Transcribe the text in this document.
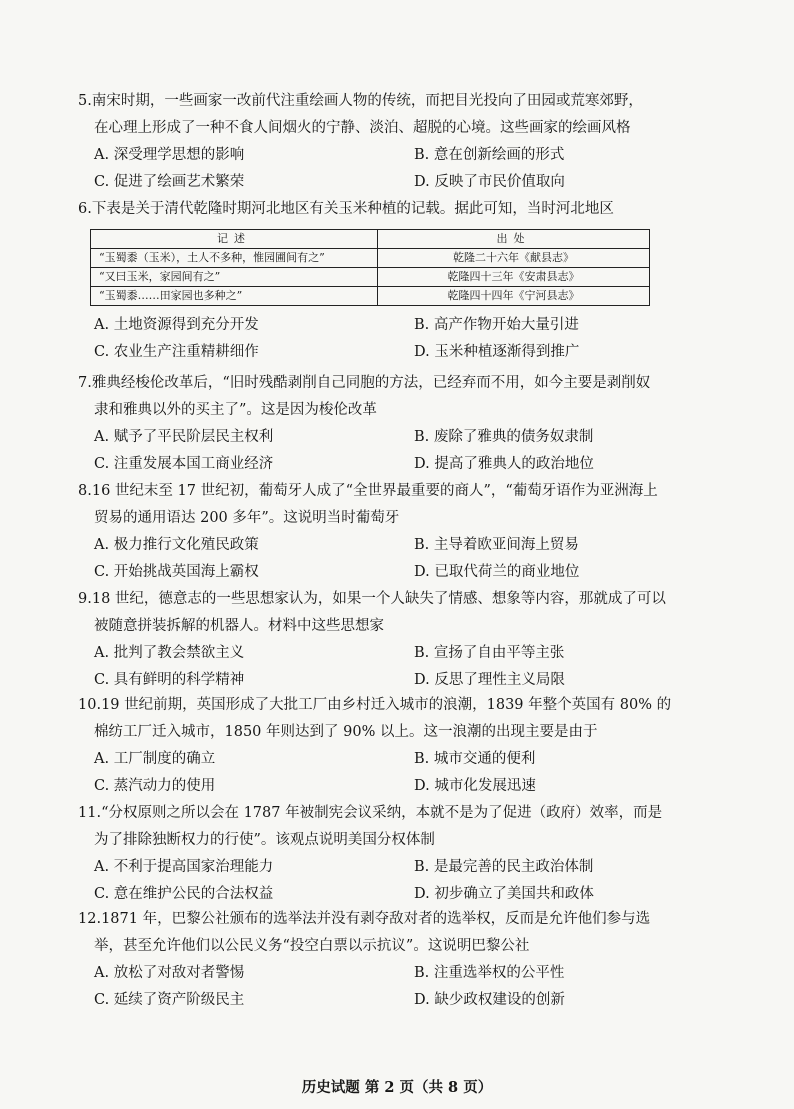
5.南宋时期，一些画家一改前代注重绘画人物的传统，而把目光投向了田园或荒寒郊野，
在心理上形成了一种不食人间烟火的宁静、淡泊、超脱的心境。这些画家的绘画风格
A. 深受理学思想的影响	B. 意在创新绘画的形式
C. 促进了绘画艺术繁荣	D. 反映了市民价值取向
6.下表是关于清代乾隆时期河北地区有关玉米种植的记载。据此可知，当时河北地区
记述	出处
“玉蜀黍（玉米），土人不多种，惟园圃间有之”	乾隆二十六年《献县志》
“又曰玉米，家园间有之”	乾隆四十三年《安肃县志》
“玉蜀黍……田家园也多种之”	乾隆四十四年《宁河县志》
A. 土地资源得到充分开发	B. 高产作物开始大量引进
C. 农业生产注重精耕细作	D. 玉米种植逐渐得到推广
7.雅典经梭伦改革后，“旧时残酷剥削自己同胞的方法，已经弃而不用，如今主要是剥削奴
隶和雅典以外的买主了”。这是因为梭伦改革
A. 赋予了平民阶层民主权利	B. 废除了雅典的债务奴隶制
C. 注重发展本国工商业经济	D. 提高了雅典人的政治地位
8.16 世纪末至 17 世纪初，葡萄牙人成了“全世界最重要的商人”，“葡萄牙语作为亚洲海上
贸易的通用语达 200 多年”。这说明当时葡萄牙
A. 极力推行文化殖民政策	B. 主导着欧亚间海上贸易
C. 开始挑战英国海上霸权	D. 已取代荷兰的商业地位
9.18 世纪，德意志的一些思想家认为，如果一个人缺失了情感、想象等内容，那就成了可以
被随意拼装拆解的机器人。材料中这些思想家
A. 批判了教会禁欲主义	B. 宣扬了自由平等主张
C. 具有鲜明的科学精神	D. 反思了理性主义局限
10.19 世纪前期，英国形成了大批工厂由乡村迁入城市的浪潮，1839 年整个英国有 80% 的
棉纺工厂迁入城市，1850 年则达到了 90% 以上。这一浪潮的出现主要是由于
A. 工厂制度的确立	B. 城市交通的便利
C. 蒸汽动力的使用	D. 城市化发展迅速
11.“分权原则之所以会在 1787 年被制宪会议采纳，本就不是为了促进（政府）效率，而是
为了排除独断权力的行使”。该观点说明美国分权体制
A. 不利于提高国家治理能力	B. 是最完善的民主政治体制
C. 意在维护公民的合法权益	D. 初步确立了美国共和政体
12.1871 年，巴黎公社颁布的选举法并没有剥夺敌对者的选举权，反而是允许他们参与选
举，甚至允许他们以公民义务“投空白票以示抗议”。这说明巴黎公社
A. 放松了对敌对者警惕	B. 注重选举权的公平性
C. 延续了资产阶级民主	D. 缺少政权建设的创新
历史试题 第 2 页（共 8 页）
